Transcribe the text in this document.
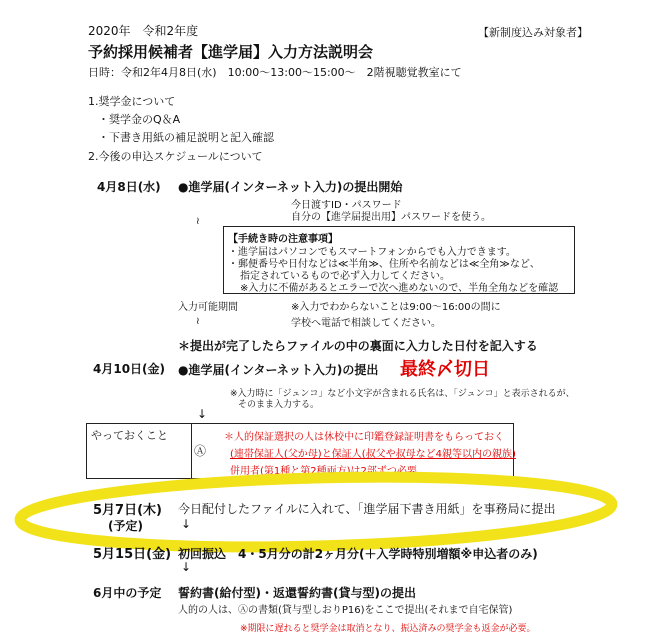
2020年　令和2年度	【新制度込み対象者】
予約採用候補者【進学届】入力方法説明会
日時：令和2年4月8日(水)　10:00～13:00～15:00～　2階視聴覚教室にて
1.奨学金について
・奨学金のQ＆A
・下書き用紙の補足説明と記入確認
2.今後の申込スケジュールについて
4月8日(水) ●進学届(インターネット入力)の提出開始
今日渡すID・パスワード
自分の【進学届提出用】パスワードを使う。
≀
【手続き時の注意事項】
・進学届はパソコンでもスマートフォンからでも入力できます。
・郵便番号や日付などは≪半角≫、住所や名前などは≪全角≫など、
指定されているもので必ず入力してください。
※入力に不備があるとエラーで次へ進めないので、半角全角などを確認
入力可能期間	※入力でわからないことは9:00～16:00の間に
学校へ電話で相談してください。
≀
＊提出が完了したらファイルの中の裏面に入力した日付を記入する
4月10日(金) ●進学届(インターネット入力)の提出 最終〆切日
※入力時に「ジュンコ」など小文字が含まれる氏名は、「ジュンコ」と表示されるが、
そのまま入力する。
↓
やっておくこと
Ⓐ
＊人的保証選択の人は休校中に印鑑登録証明書をもらっておく
(連帯保証人(父か母)と保証人(叔父や叔母など4親等以内の親族)
併用者(第1種と第2種両方)は2部ずつ必要
5月7日(木)
(予定)
今日配付したファイルに入れて、「進学届下書き用紙」を事務局に提出
↓
5月15日(金) 初回振込　4・5月分の計2ヶ月分(＋入学時特別増額※申込者のみ)
↓
6月中の予定 誓約書(給付型)・返還誓約書(貸与型)の提出
人的の人は、Ⓐの書類(貸与型しおりP16)をここで提出(それまで自宅保管)
※期限に遅れると奨学金は取消となり、振込済みの奨学金も返金が必要。
